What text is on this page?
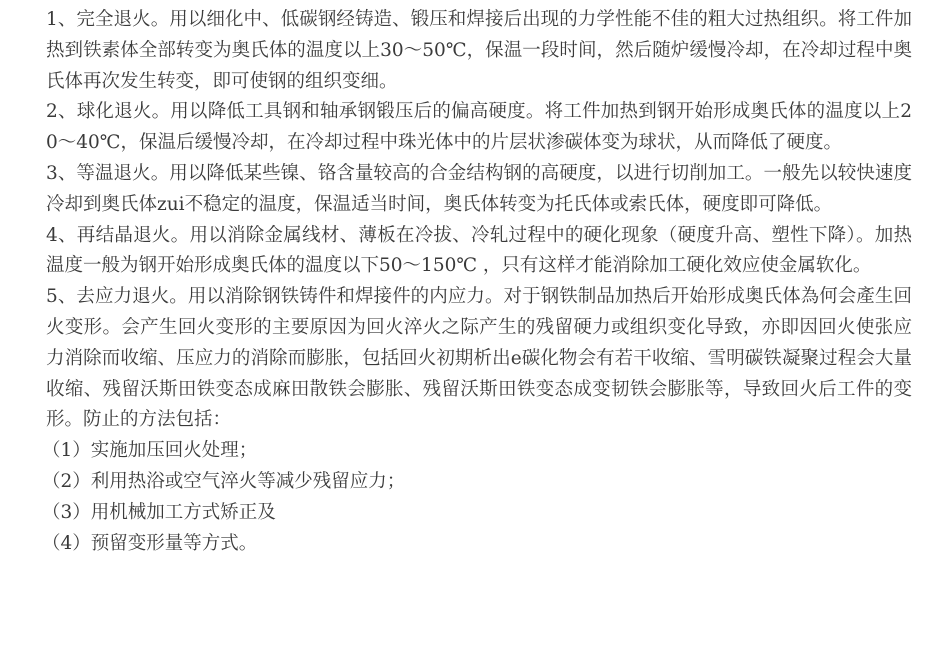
1、完全退火。用以细化中、低碳钢经铸造、锻压和焊接后出现的力学性能不佳的粗大过热组织。将工件加热到铁素体全部转变为奥氏体的温度以上30～50℃，保温一段时间，然后随炉缓慢冷却，在冷却过程中奥氏体再次发生转变，即可使钢的组织变细。

2、球化退火。用以降低工具钢和轴承钢锻压后的偏高硬度。将工件加热到钢开始形成奥氏体的温度以上20～40℃，保温后缓慢冷却，在冷却过程中珠光体中的片层状渗碳体变为球状，从而降低了硬度。

3、等温退火。用以降低某些镍、铬含量较高的合金结构钢的高硬度，以进行切削加工。一般先以较快速度冷却到奥氏体zui不稳定的温度，保温适当时间，奥氏体转变为托氏体或索氏体，硬度即可降低。

4、再结晶退火。用以消除金属线材、薄板在冷拔、冷轧过程中的硬化现象（硬度升高、塑性下降）。加热温度一般为钢开始形成奥氏体的温度以下50～150℃ ，只有这样才能消除加工硬化效应使金属软化。

5、去应力退火。用以消除钢铁铸件和焊接件的内应力。对于钢铁制品加热后开始形成奥氏体為何会產生回火变形。会产生回火变形的主要原因为回火淬火之际产生的残留硬力或组织变化导致，亦即因回火使张应力消除而收缩、压应力的消除而膨胀，包括回火初期析出e碳化物会有若干收缩、雪明碳铁凝聚过程会大量收缩、残留沃斯田铁变态成麻田散铁会膨胀、残留沃斯田铁变态成变韧铁会膨胀等，导致回火后工件的变形。防止的方法包括：

（1）实施加压回火处理；

（2）利用热浴或空气淬火等减少残留应力；

（3）用机械加工方式矫正及

（4）预留变形量等方式。
